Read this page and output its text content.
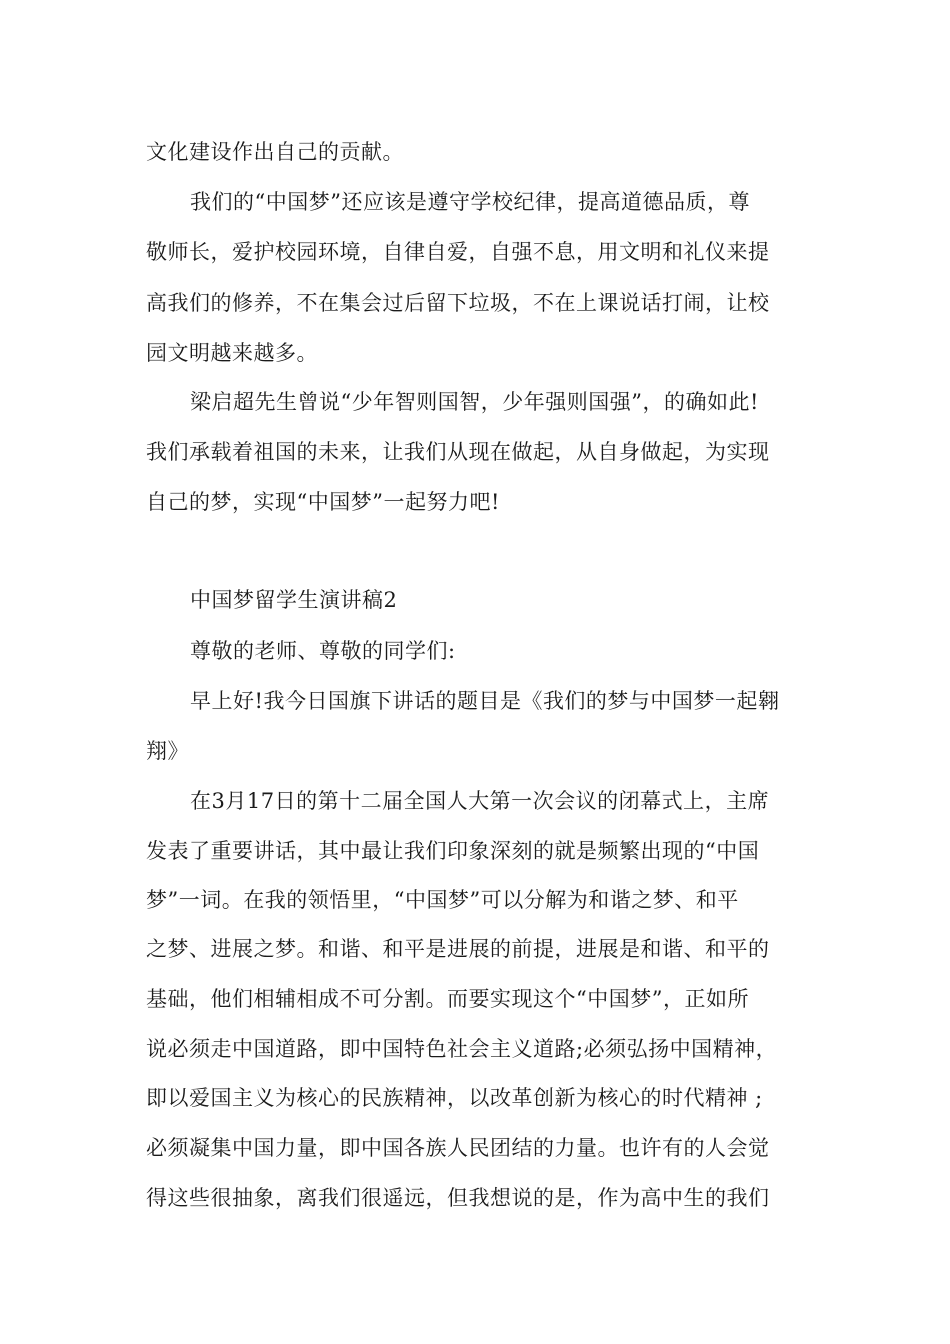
文化建设作出自己的贡献。
我们的“中国梦”还应该是遵守学校纪律，提高道德品质，尊
敬师长，爱护校园环境，自律自爱，自强不息，用文明和礼仪来提
高我们的修养，不在集会过后留下垃圾，不在上课说话打闹，让校
园文明越来越多。
梁启超先生曾说“少年智则国智，少年强则国强”，的确如此!
我们承载着祖国的未来，让我们从现在做起，从自身做起，为实现
自己的梦，实现“中国梦”一起努力吧!
中国梦留学生演讲稿2
尊敬的老师、尊敬的同学们:
早上好!我今日国旗下讲话的题目是《我们的梦与中国梦一起翱
翔》
在3月17日的第十二届全国人大第一次会议的闭幕式上，主席
发表了重要讲话，其中最让我们印象深刻的就是频繁出现的“中国
梦”一词。在我的领悟里，“中国梦”可以分解为和谐之梦、和平
之梦、进展之梦。和谐、和平是进展的前提，进展是和谐、和平的
基础，他们相辅相成不可分割。而要实现这个“中国梦”，正如所
说必须走中国道路，即中国特色社会主义道路;必须弘扬中国精神，
即以爱国主义为核心的民族精神，以改革创新为核心的时代精神 ;
必须凝集中国力量，即中国各族人民团结的力量。也许有的人会觉
得这些很抽象，离我们很遥远，但我想说的是，作为高中生的我们
